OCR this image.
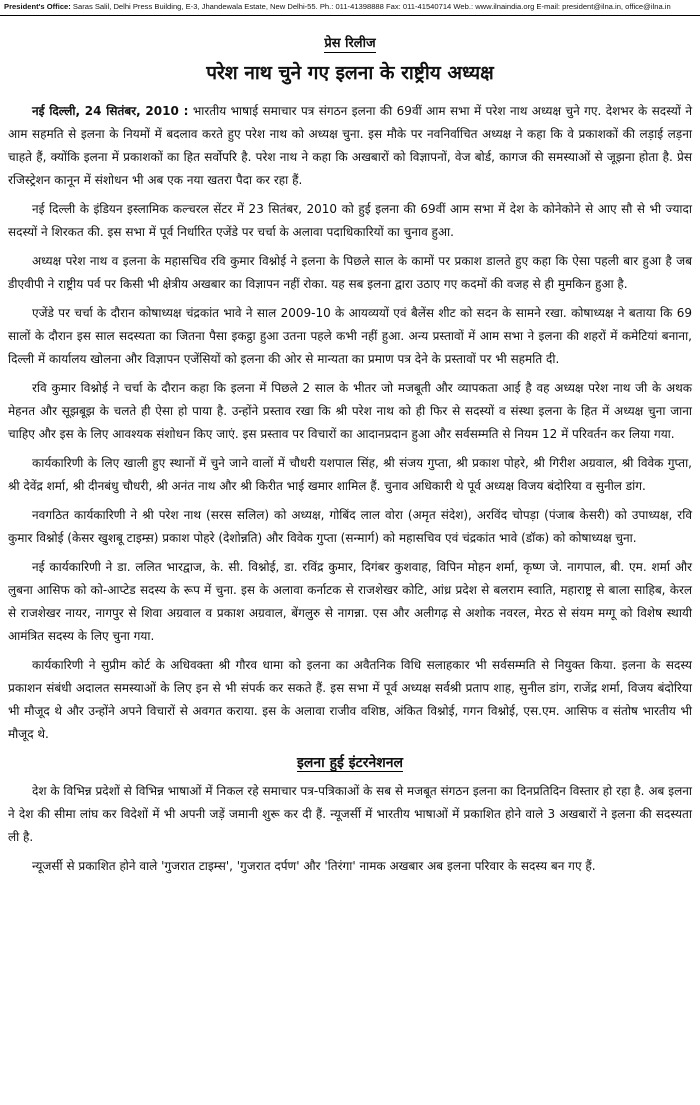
President's Office: Saras Salil, Delhi Press Building, E-3, Jhandewala Estate, New Delhi-55. Ph.: 011-41398888 Fax: 011-41540714 Web.: www.ilnaindia.org E-mail: president@ilna.in, office@ilna.in
प्रेस रिलीज
परेश नाथ चुने गए इलना के राष्ट्रीय अध्यक्ष

नई दिल्ली, 24 सितंबर, 2010 : भारतीय भाषाई समाचार पत्र संगठन इलना की 69वीं आम सभा में परेश नाथ अध्यक्ष चुने गए. देशभर के सदस्यों ने आम सहमति से इलना के नियमों में बदलाव करते हुए परेश नाथ को अध्यक्ष चुना. इस मौके पर नवनिर्वाचित अध्यक्ष ने कहा कि वे प्रकाशकों की लड़ाई लड़ना चाहते हैं, क्योंकि इलना में प्रकाशकों का हित सर्वोपरि है. परेश नाथ ने कहा कि अखबारों को विज्ञापनों, वेज बोर्ड, कागज की समस्याओं से जूझना होता है. प्रेस रजिस्ट्रेशन कानून में संशोधन भी अब एक नया खतरा पैदा कर रहा हैं.

नई दिल्ली के इंडियन इस्लामिक कल्चरल सेंटर में 23 सितंबर, 2010 को हुई इलना की 69वीं आम सभा में देश के कोनेकोने से आए सौ से भी ज्यादा सदस्यों ने शिरकत की. इस सभा में पूर्व निर्धारित एजेंडे पर चर्चा के अलावा पदाधिकारियों का चुनाव हुआ.

अध्यक्ष परेश नाथ व इलना के महासचिव रवि कुमार विश्नोई ने इलना के पिछले साल के कामों पर प्रकाश डालते हुए कहा कि ऐसा पहली बार हुआ है जब डीएवीपी ने राष्ट्रीय पर्व पर किसी भी क्षेत्रीय अखबार का विज्ञापन नहीं रोका. यह सब इलना द्वारा उठाए गए कदमों की वजह से ही मुमकिन हुआ है.

एजेंडे पर चर्चा के दौरान कोषाध्यक्ष चंद्रकांत भावे ने साल 2009-10 के आयव्ययों एवं बैलेंस शीट को सदन के सामने रखा. कोषाध्यक्ष ने बताया कि 69 सालों के दौरान इस साल सदस्यता का जितना पैसा इकट्ठा हुआ उतना पहले कभी नहीं हुआ. अन्य प्रस्तावों में आम सभा ने इलना की शहरों में कमेटियां बनाना, दिल्ली में कार्यालय खोलना और विज्ञापन एजेंसियों को इलना की ओर से मान्यता का प्रमाण पत्र देने के प्रस्तावों पर भी सहमति दी.

रवि कुमार विश्नोई ने चर्चा के दौरान कहा कि इलना में पिछले 2 साल के भीतर जो मजबूती और व्यापकता आई है वह अध्यक्ष परेश नाथ जी के अथक मेहनत और सूझबूझ के चलते ही ऐसा हो पाया है. उन्होंने प्रस्ताव रखा कि श्री परेश नाथ को ही फिर से सदस्यों व संस्था इलना के हित में अध्यक्ष चुना जाना चाहिए और इस के लिए आवश्यक संशोधन किए जाएं. इस प्रस्ताव पर विचारों का आदानप्रदान हुआ और सर्वसम्मति से नियम 12 में परिवर्तन कर लिया गया.

कार्यकारिणी के लिए खाली हुए स्थानों में चुने जाने वालों में चौधरी यशपाल सिंह, श्री संजय गुप्ता, श्री प्रकाश पोहरे, श्री गिरीश अग्रवाल, श्री विवेक गुप्ता, श्री देवेंद्र शर्मा, श्री दीनबंधु चौधरी, श्री अनंत नाथ और श्री किरीत भाई खमार शामिल हैं. चुनाव अधिकारी थे पूर्व अध्यक्ष विजय बंदोरिया व सुनील डांग.

नवगठित कार्यकारिणी ने श्री परेश नाथ (सरस सलिल) को अध्यक्ष, गोबिंद लाल वोरा (अमृत संदेश), अरविंद चोपड़ा (पंजाब केसरी) को उपाध्यक्ष, रवि कुमार विश्नोई (केसर खुशबू टाइम्स़) प्रकाश पोहरे (देशोन्नति) और विवेक गुप्ता (सन्मार्ग) को महासचिव एवं चंद्रकांत भावे (डॉक) को कोषाध्यक्ष चुना.

नई कार्यकारिणी ने डा. ललित भारद्वाज, के. सी. विश्नोई, डा. रविंद्र कुमार, दिगंबर कुशवाह, विपिन मोहन शर्मा, कृष्ण जे. नागपाल, बी. एम. शर्मा और लुबना आसिफ को को-आप्टेड सदस्य के रूप में चुना. इस के अलावा कर्नाटक से राजशेखर कोटि, आंध्र प्रदेश से बलराम स्वाति, महाराष्ट्र से बाला साहिब, केरल से राजशेखर नायर, नागपुर से शिवा अग्रवाल व प्रकाश अग्रवाल, बेंगलुरु से नागन्ना. एस और अलीगढ़ से अशोक नवरल, मेरठ से संयम मग्गू को विशेष स्थायी आमंत्रित सदस्य के लिए चुना गया.

कार्यकारिणी ने सुप्रीम कोर्ट के अधिवक्ता श्री गौरव धामा को इलना का अवैतनिक विधि सलाहकार भी सर्वसम्मति से नियुक्त किया. इलना के सदस्य प्रकाशन संबंधी अदालत समस्याओं के लिए इन से भी संपर्क कर सकते हैं. इस सभा में पूर्व अध्यक्ष सर्वश्री प्रताप शाह, सुनील डांग, राजेंद्र शर्मा, विजय बंदोरिया भी मौजूद थे और उन्होंने अपने विचारों से अवगत कराया. इस के अलावा राजीव वशिष्ठ, अंकित विश्नोई, गगन विश्नोई, एस.एम. आसिफ व संतोष भारतीय भी मौजूद थे.

इलना हुई इंटरनेशनल

देश के विभिन्न प्रदेशों से विभिन्न भाषाओं में निकल रहे समाचार पत्र-पत्रिकाओं के सब से मजबूत संगठन इलना का दिनप्रतिदिन विस्तार हो रहा है. अब इलना ने देश की सीमा लांघ कर विदेशों में भी अपनी जड़ें जमानी शुरू कर दी हैं. न्यूजर्सी में भारतीय भाषाओं में प्रकाशित होने वाले 3 अखबारों ने इलना की सदस्यता ली है.

न्यूजर्सी से प्रकाशित होने वाले 'गुजरात टाइम्स', 'गुजरात दर्पण' और 'तिरंगा' नामक अखबार अब इलना परिवार के सदस्य बन गए हैं.
